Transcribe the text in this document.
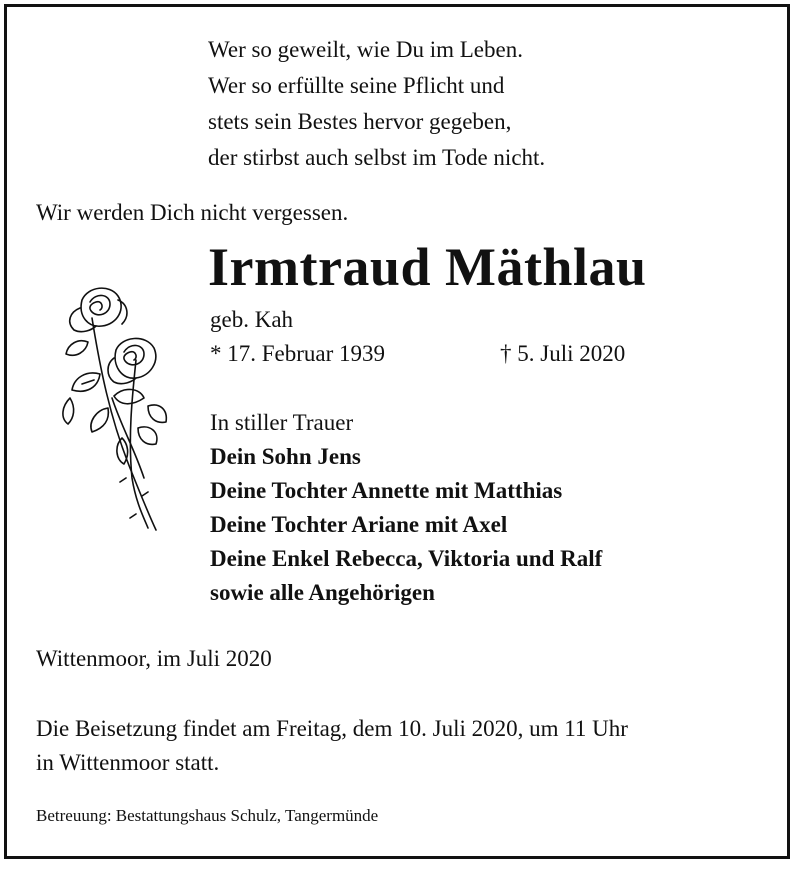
Wer so geweilt, wie Du im Leben.
Wer so erfüllte seine Pflicht und
stets sein Bestes hervor gegeben,
der stirbst auch selbst im Tode nicht.

Wir werden Dich nicht vergessen.

Irmtraud Mäthlau

geb. Kah

* 17. Februar 1939	† 5. Juli 2020

In stiller Trauer
Dein Sohn Jens
Deine Tochter Annette mit Matthias
Deine Tochter Ariane mit Axel
Deine Enkel Rebecca, Viktoria und Ralf
sowie alle Angehörigen

Wittenmoor, im Juli 2020

Die Beisetzung findet am Freitag, dem 10. Juli 2020, um 11 Uhr
in Wittenmoor statt.

Betreuung: Bestattungshaus Schulz, Tangermünde
